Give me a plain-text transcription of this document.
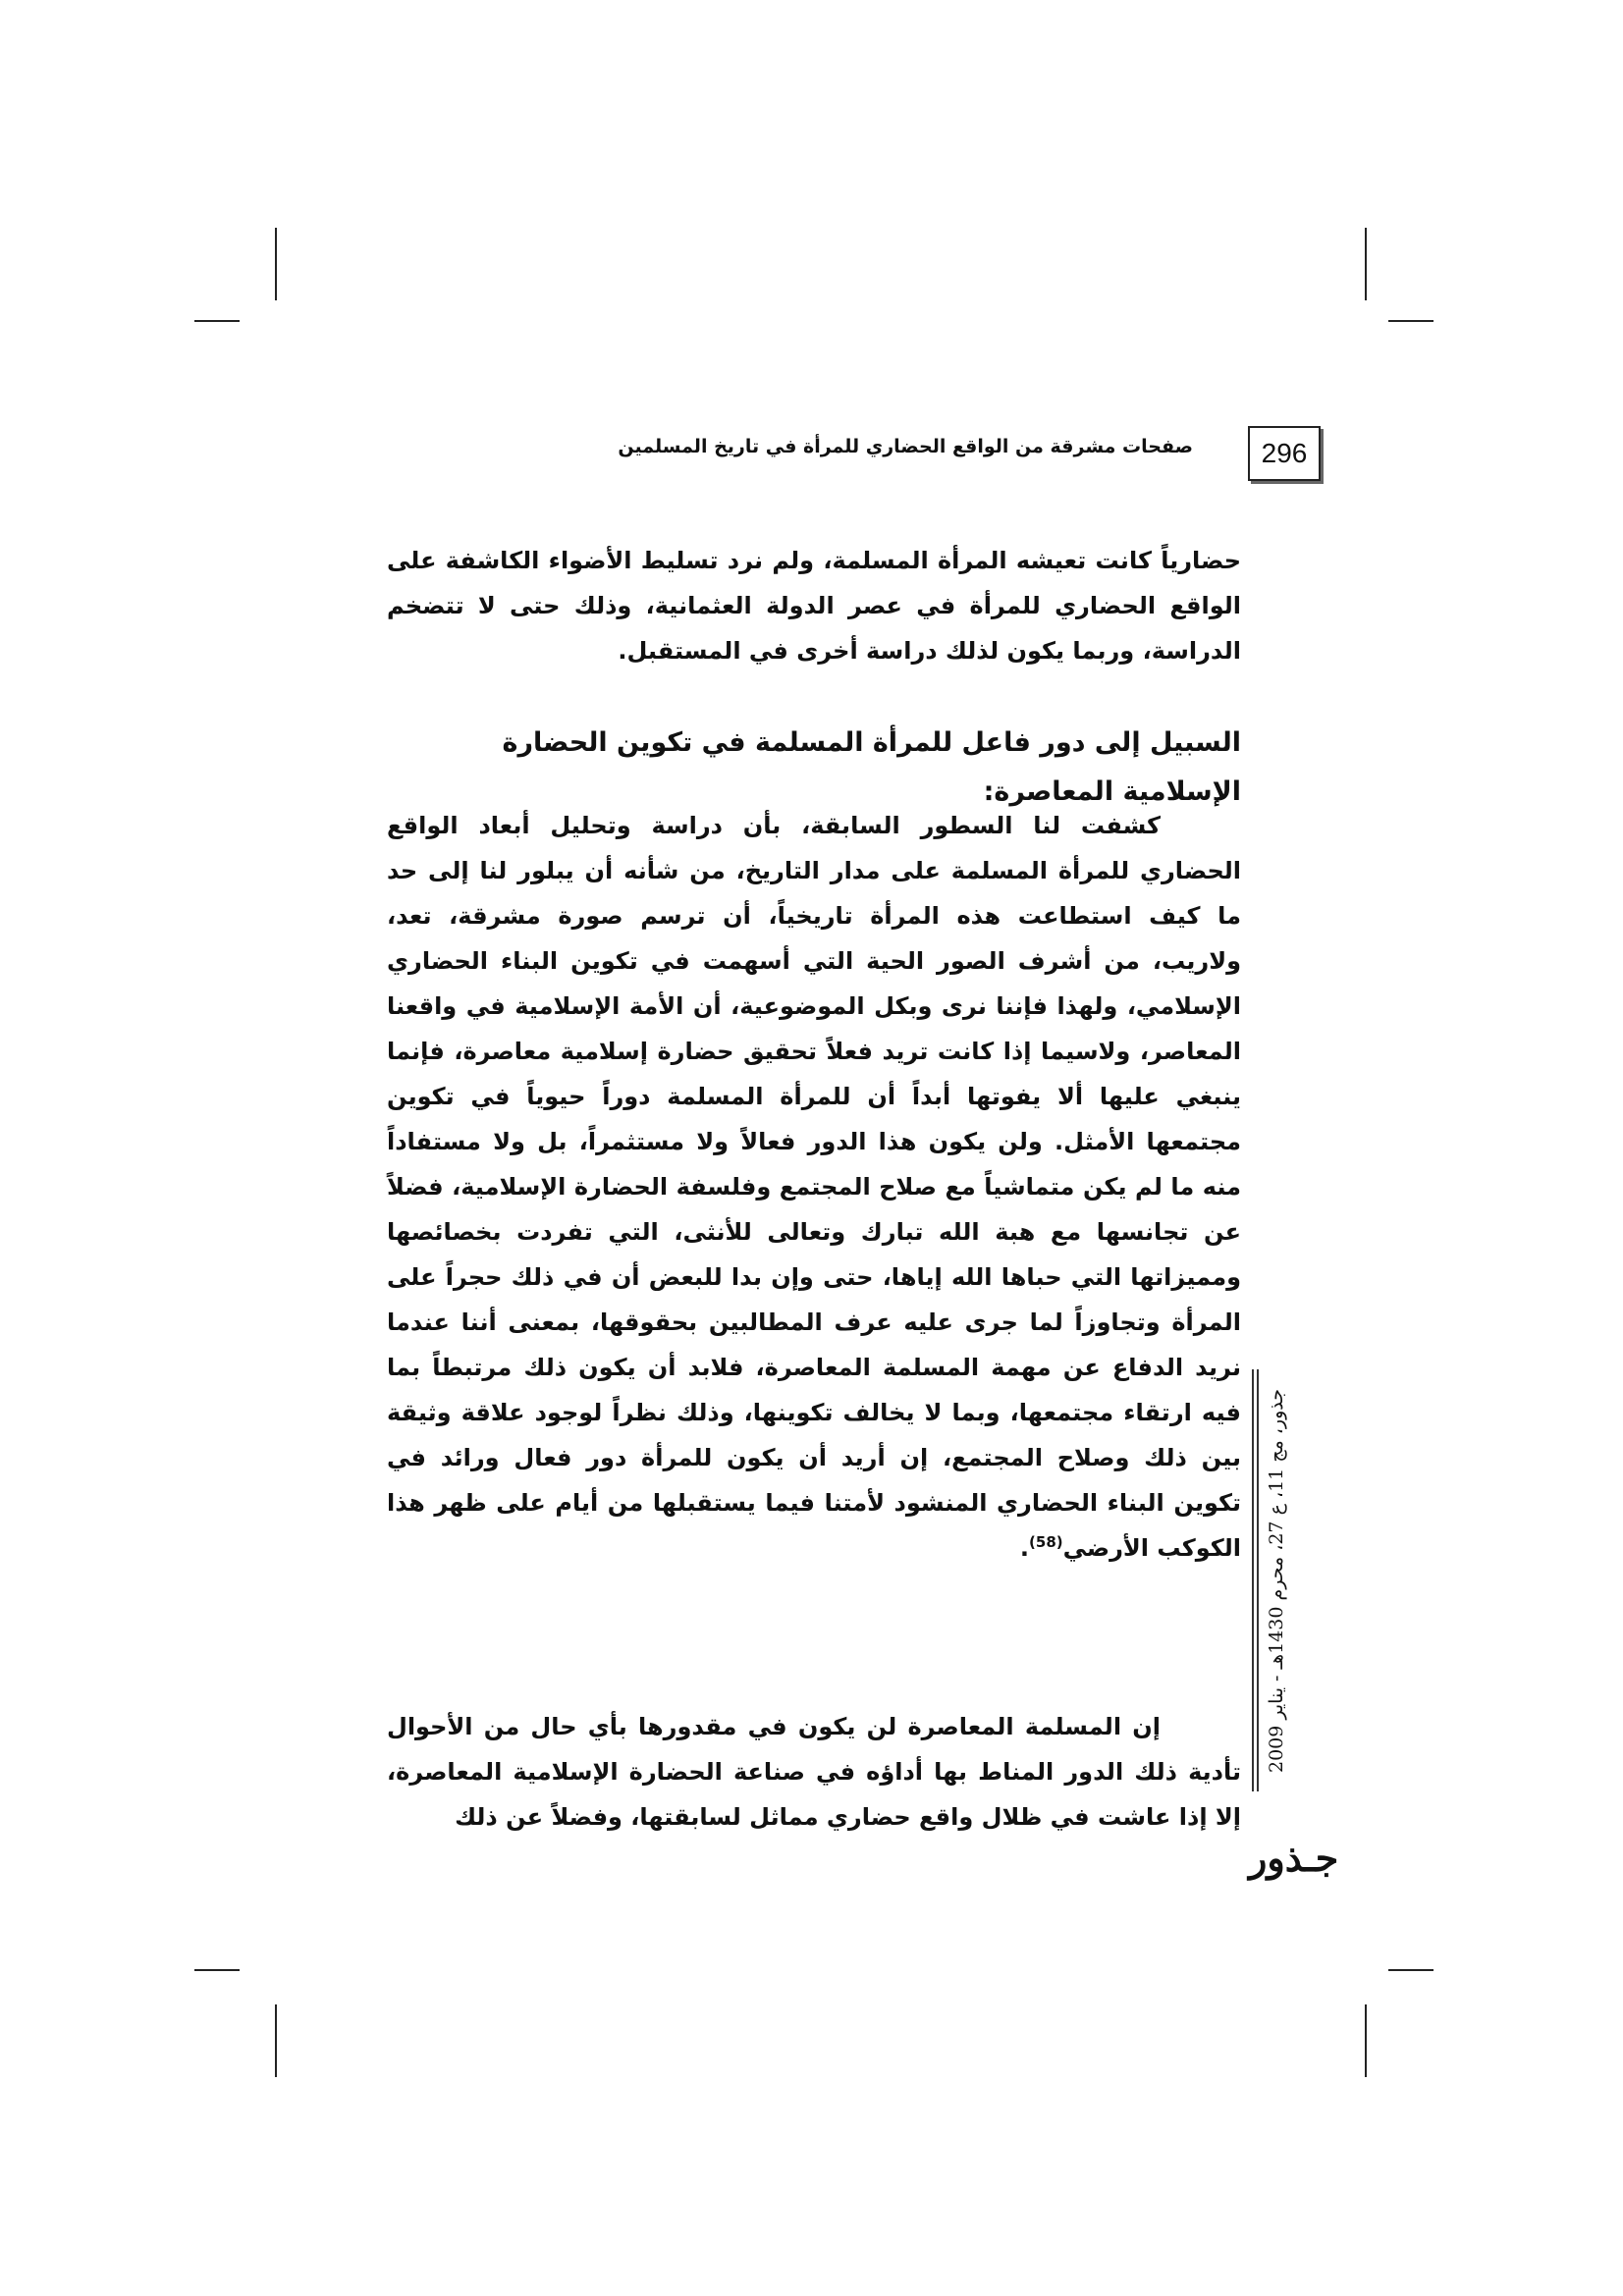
296
صفحات مشرقة من الواقع الحضاري للمرأة في تاريخ المسلمين

حضارياً كانت تعيشه المرأة المسلمة، ولم نرد تسليط الأضواء الكاشفة على الواقع الحضاري للمرأة في عصر الدولة العثمانية، وذلك حتى لا تتضخم الدراسة، وربما يكون لذلك دراسة أخرى في المستقبل.

السبيل إلى دور فاعل للمرأة المسلمة في تكوين الحضارة الإسلامية المعاصرة:

كشفت لنا السطور السابقة، بأن دراسة وتحليل أبعاد الواقع الحضاري للمرأة المسلمة على مدار التاريخ، من شأنه أن يبلور لنا إلى حد ما كيف استطاعت هذه المرأة تاريخياً، أن ترسم صورة مشرقة، تعد، ولاريب، من أشرف الصور الحية التي أسهمت في تكوين البناء الحضاري الإسلامي، ولهذا فإننا نرى وبكل الموضوعية، أن الأمة الإسلامية في واقعنا المعاصر، ولاسيما إذا كانت تريد فعلاً تحقيق حضارة إسلامية معاصرة، فإنما ينبغي عليها ألا يفوتها أبداً أن للمرأة المسلمة دوراً حيوياً في تكوين مجتمعها الأمثل. ولن يكون هذا الدور فعالاً ولا مستثمراً، بل ولا مستفاداً منه ما لم يكن متماشياً مع صلاح المجتمع وفلسفة الحضارة الإسلامية، فضلاً عن تجانسها مع هبة الله تبارك وتعالى للأنثى، التي تفردت بخصائصها ومميزاتها التي حباها الله إياها، حتى وإن بدا للبعض أن في ذلك حجراً على المرأة وتجاوزاً لما جرى عليه عرف المطالبين بحقوقها، بمعنى أننا عندما نريد الدفاع عن مهمة المسلمة المعاصرة، فلابد أن يكون ذلك مرتبطاً بما فيه ارتقاء مجتمعها، وبما لا يخالف تكوينها، وذلك نظراً لوجود علاقة وثيقة بين ذلك وصلاح المجتمع، إن أريد أن يكون للمرأة دور فعال ورائد في تكوين البناء الحضاري المنشود لأمتنا فيما يستقبلها من أيام على ظهر هذا الكوكب الأرضي$^{(58)}$.

إن المسلمة المعاصرة لن يكون في مقدورها بأي حال من الأحوال تأدية ذلك الدور المناط بها أداؤه في صناعة الحضارة الإسلامية المعاصرة، إلا إذا عاشت في ظلال واقع حضاري مماثل لسابقتها، وفضلاً عن ذلك

جذور، مج 11، ع 27، محرم 1430هـ - يناير 2009
جـذور
